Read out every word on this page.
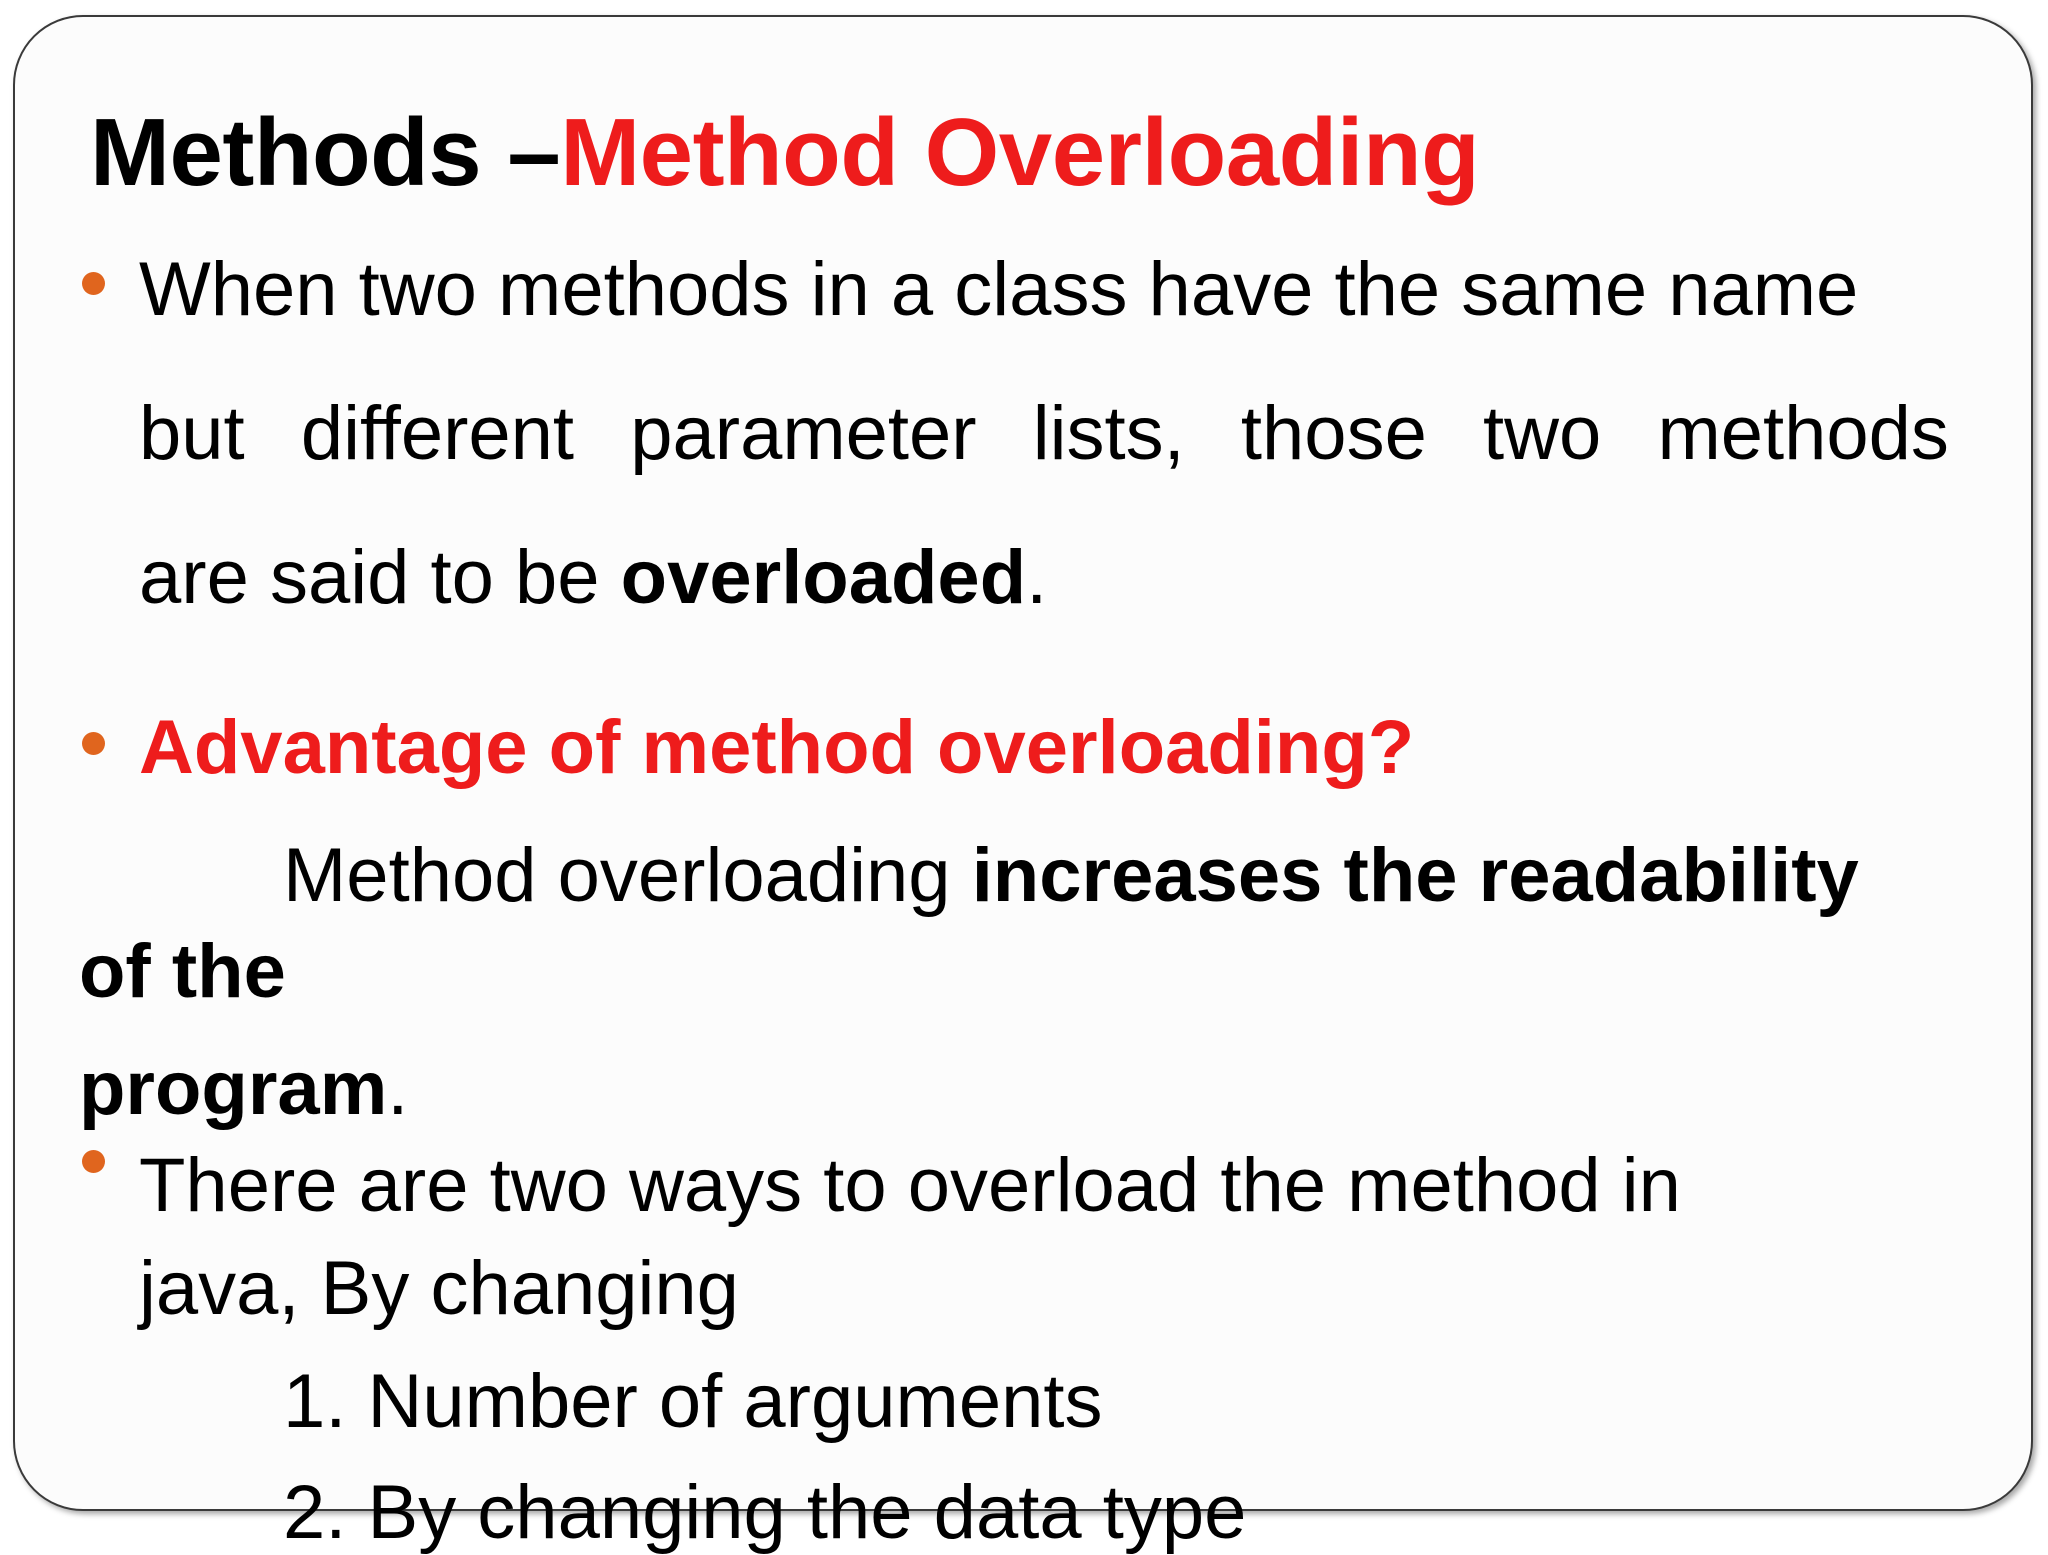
Methods –Method Overloading

When two methods in a class have the same name

but different parameter lists, those two methods

are said to be overloaded.

Advantage of method overloading?

Method overloading increases the readability

of the

program.

There are two ways to overload the method in

java, By changing

1. Number of arguments

2. By changing the data type
